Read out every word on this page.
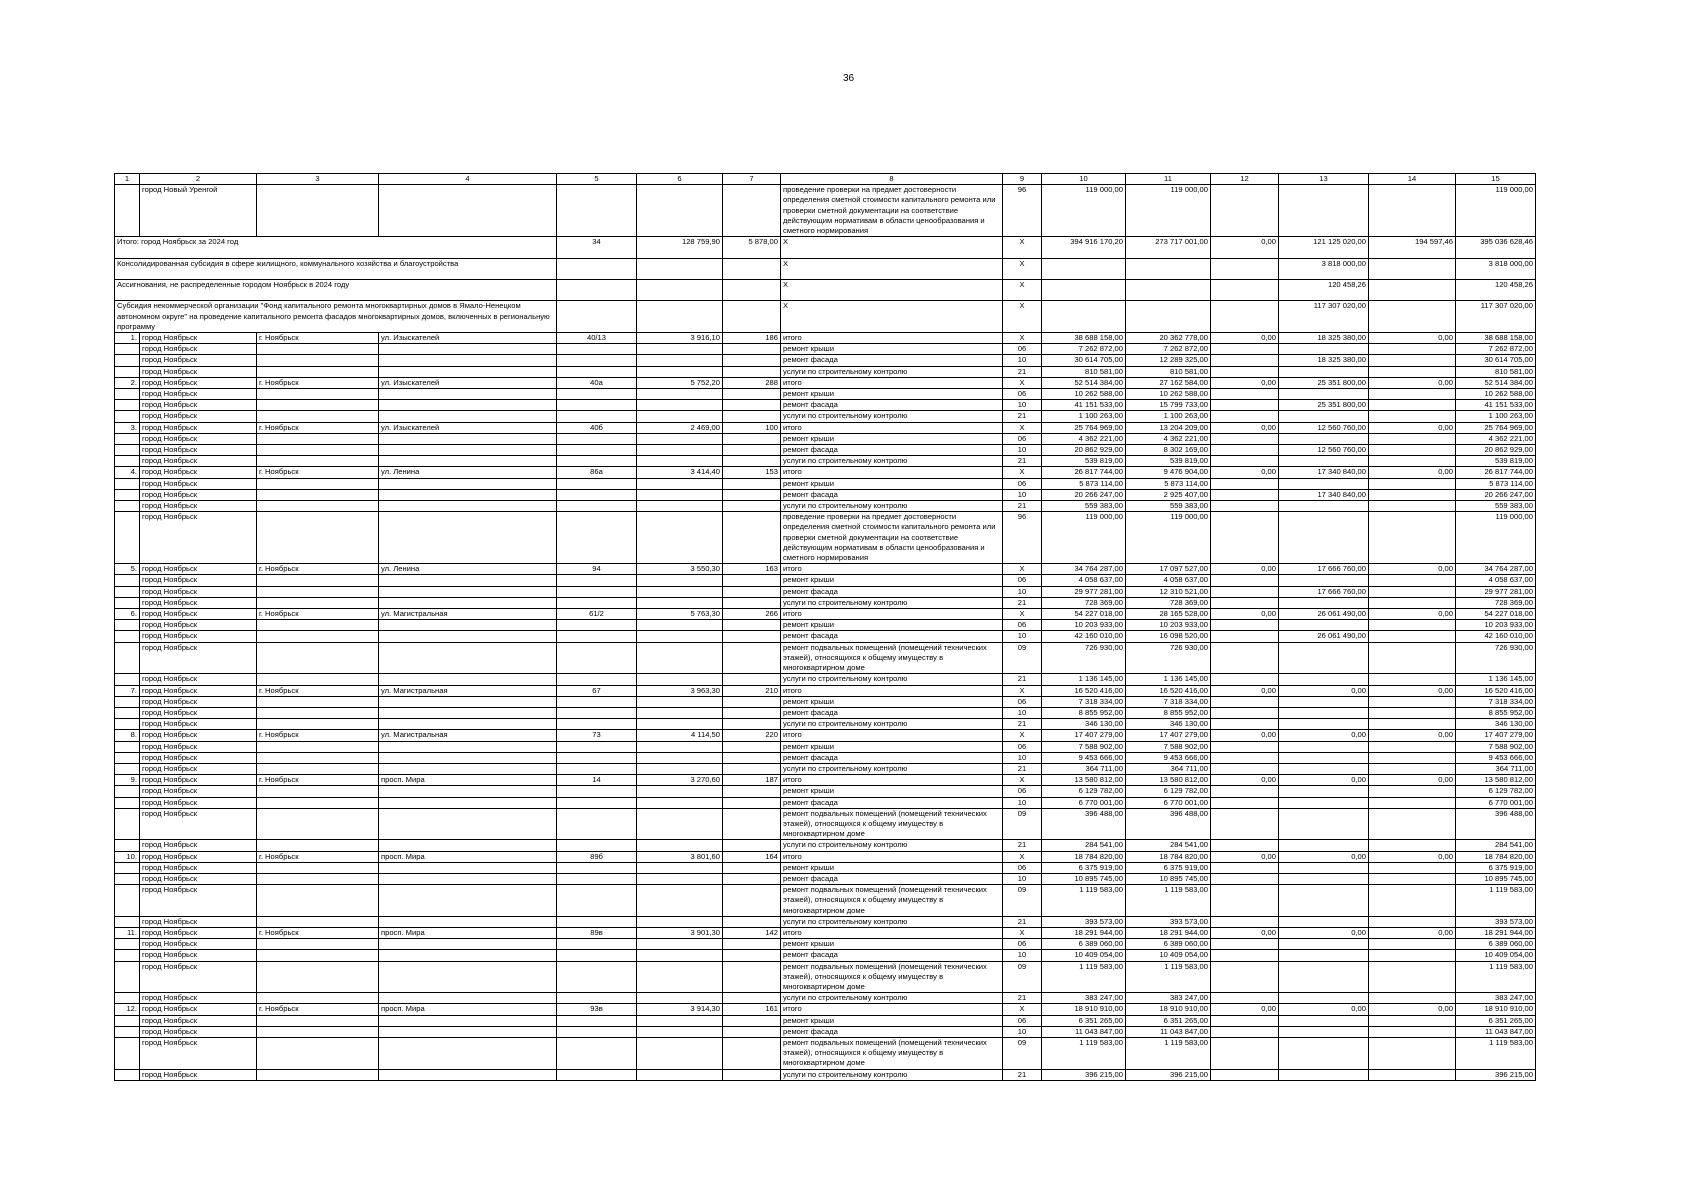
36
1	2	3	4	5	6	7	8	9	10	11	12	13	14	15
	город Новый Уренгой						проведение проверки на предмет достоверности определения сметной стоимости капитального ремонта или проверки сметной документации на соответствие действующим нормативам в области ценообразования и сметного нормирования	96	119 000,00	119 000,00				119 000,00
Итого: город Ноябрьск за 2024 год				34	128 759,90	5 878,00	X	X	394 916 170,20	273 717 001,00	0,00	121 125 020,00	194 597,46	395 036 628,46
Консолидированная субсидия в сфере жилищного, коммунального хозяйства и благоустройства							X	X				3 818 000,00		3 818 000,00
Ассигнования, не распределенные городом Ноябрьск в 2024 году							X	X				120 458,26		120 458,26
Субсидия некоммерческой организации "Фонд капитального ремонта многоквартирных домов в Ямало-Ненецком автономном округе" на проведение капитального ремонта фасадов многоквартирных домов, включенных в региональную программу							X	X				117 307 020,00		117 307 020,00
1.	город Ноябрьск	г. Ноябрьск	ул. Изыскателей	40/13	3 916,10	186	итого	X	38 688 158,00	20 362 778,00	0,00	18 325 380,00	0,00	38 688 158,00
	город Ноябрьск						ремонт крыши	06	7 262 872,00	7 262 872,00				7 262 872,00
	город Ноябрьск						ремонт фасада	10	30 614 705,00	12 289 325,00		18 325 380,00		30 614 705,00
	город Ноябрьск						услуги по строительному контролю	21	810 581,00	810 581,00				810 581,00
2.	город Ноябрьск	г. Ноябрьск	ул. Изыскателей	40а	5 752,20	288	итого	X	52 514 384,00	27 162 584,00	0,00	25 351 800,00	0,00	52 514 384,00
	город Ноябрьск						ремонт крыши	06	10 262 588,00	10 262 588,00				10 262 588,00
	город Ноябрьск						ремонт фасада	10	41 151 533,00	15 799 733,00		25 351 800,00		41 151 533,00
	город Ноябрьск						услуги по строительному контролю	21	1 100 263,00	1 100 263,00				1 100 263,00
3.	город Ноябрьск	г. Ноябрьск	ул. Изыскателей	40б	2 469,00	100	итого	X	25 764 969,00	13 204 209,00	0,00	12 560 760,00	0,00	25 764 969,00
	город Ноябрьск						ремонт крыши	06	4 362 221,00	4 362 221,00				4 362 221,00
	город Ноябрьск						ремонт фасада	10	20 862 929,00	8 302 169,00		12 560 760,00		20 862 929,00
	город Ноябрьск						услуги по строительному контролю	21	539 819,00	539 819,00				539 819,00
4.	город Ноябрьск	г. Ноябрьск	ул. Ленина	86а	3 414,40	153	итого	X	26 817 744,00	9 476 904,00	0,00	17 340 840,00	0,00	26 817 744,00
	город Ноябрьск						ремонт крыши	06	5 873 114,00	5 873 114,00				5 873 114,00
	город Ноябрьск						ремонт фасада	10	20 266 247,00	2 925 407,00		17 340 840,00		20 266 247,00
	город Ноябрьск						услуги по строительному контролю	21	559 383,00	559 383,00				559 383,00
	город Ноябрьск						проведение проверки на предмет достоверности определения сметной стоимости капитального ремонта или проверки сметной документации на соответствие действующим нормативам в области ценообразования и сметного нормирования	96	119 000,00	119 000,00				119 000,00
5.	город Ноябрьск	г. Ноябрьск	ул. Ленина	94	3 550,30	163	итого	X	34 764 287,00	17 097 527,00	0,00	17 666 760,00	0,00	34 764 287,00
	город Ноябрьск						ремонт крыши	06	4 058 637,00	4 058 637,00				4 058 637,00
	город Ноябрьск						ремонт фасада	10	29 977 281,00	12 310 521,00		17 666 760,00		29 977 281,00
	город Ноябрьск						услуги по строительному контролю	21	728 369,00	728 369,00				728 369,00
6.	город Ноябрьск	г. Ноябрьск	ул. Магистральная	61/2	5 763,30	266	итого	X	54 227 018,00	28 165 528,00	0,00	26 061 490,00	0,00	54 227 018,00
	город Ноябрьск						ремонт крыши	06	10 203 933,00	10 203 933,00				10 203 933,00
	город Ноябрьск						ремонт фасада	10	42 160 010,00	16 098 520,00		26 061 490,00		42 160 010,00
	город Ноябрьск						ремонт подвальных помещений (помещений технических этажей), относящихся к общему имуществу в многоквартирном доме	09	726 930,00	726 930,00				726 930,00
	город Ноябрьск						услуги по строительному контролю	21	1 136 145,00	1 136 145,00				1 136 145,00
7.	город Ноябрьск	г. Ноябрьск	ул. Магистральная	67	3 963,30	210	итого	X	16 520 416,00	16 520 416,00	0,00	0,00	0,00	16 520 416,00
	город Ноябрьск						ремонт крыши	06	7 318 334,00	7 318 334,00				7 318 334,00
	город Ноябрьск						ремонт фасада	10	8 855 952,00	8 855 952,00				8 855 952,00
	город Ноябрьск						услуги по строительному контролю	21	346 130,00	346 130,00				346 130,00
8.	город Ноябрьск	г. Ноябрьск	ул. Магистральная	73	4 114,50	220	итого	X	17 407 279,00	17 407 279,00	0,00	0,00	0,00	17 407 279,00
	город Ноябрьск						ремонт крыши	06	7 588 902,00	7 588 902,00				7 588 902,00
	город Ноябрьск						ремонт фасада	10	9 453 666,00	9 453 666,00				9 453 666,00
	город Ноябрьск						услуги по строительному контролю	21	364 711,00	364 711,00				364 711,00
9.	город Ноябрьск	г. Ноябрьск	просп. Мира	14	3 270,60	187	итого	X	13 580 812,00	13 580 812,00	0,00	0,00	0,00	13 580 812,00
	город Ноябрьск						ремонт крыши	06	6 129 782,00	6 129 782,00				6 129 782,00
	город Ноябрьск						ремонт фасада	10	6 770 001,00	6 770 001,00				6 770 001,00
	город Ноябрьск						ремонт подвальных помещений (помещений технических этажей), относящихся к общему имуществу в многоквартирном доме	09	396 488,00	396 488,00				396 488,00
	город Ноябрьск						услуги по строительному контролю	21	284 541,00	284 541,00				284 541,00
10.	город Ноябрьск	г. Ноябрьск	просп. Мира	89б	3 801,60	164	итого	X	18 784 820,00	18 784 820,00	0,00	0,00	0,00	18 784 820,00
	город Ноябрьск						ремонт крыши	06	6 375 919,00	6 375 919,00				6 375 919,00
	город Ноябрьск						ремонт фасада	10	10 895 745,00	10 895 745,00				10 895 745,00
	город Ноябрьск						ремонт подвальных помещений (помещений технических этажей), относящихся к общему имуществу в многоквартирном доме	09	1 119 583,00	1 119 583,00				1 119 583,00
	город Ноябрьск						услуги по строительному контролю	21	393 573,00	393 573,00				393 573,00
11.	город Ноябрьск	г. Ноябрьск	просп. Мира	89в	3 901,30	142	итого	X	18 291 944,00	18 291 944,00	0,00	0,00	0,00	18 291 944,00
	город Ноябрьск						ремонт крыши	06	6 389 060,00	6 389 060,00				6 389 060,00
	город Ноябрьск						ремонт фасада	10	10 409 054,00	10 409 054,00				10 409 054,00
	город Ноябрьск						ремонт подвальных помещений (помещений технических этажей), относящихся к общему имуществу в многоквартирном доме	09	1 119 583,00	1 119 583,00				1 119 583,00
	город Ноябрьск						услуги по строительному контролю	21	383 247,00	383 247,00				383 247,00
12.	город Ноябрьск	г. Ноябрьск	просп. Мира	93в	3 914,30	161	итого	X	18 910 910,00	18 910 910,00	0,00	0,00	0,00	18 910 910,00
	город Ноябрьск						ремонт крыши	06	6 351 265,00	6 351 265,00				6 351 265,00
	город Ноябрьск						ремонт фасада	10	11 043 847,00	11 043 847,00				11 043 847,00
	город Ноябрьск						ремонт подвальных помещений (помещений технических этажей), относящихся к общему имуществу в многоквартирном доме	09	1 119 583,00	1 119 583,00				1 119 583,00
	город Ноябрьск						услуги по строительному контролю	21	396 215,00	396 215,00				396 215,00
